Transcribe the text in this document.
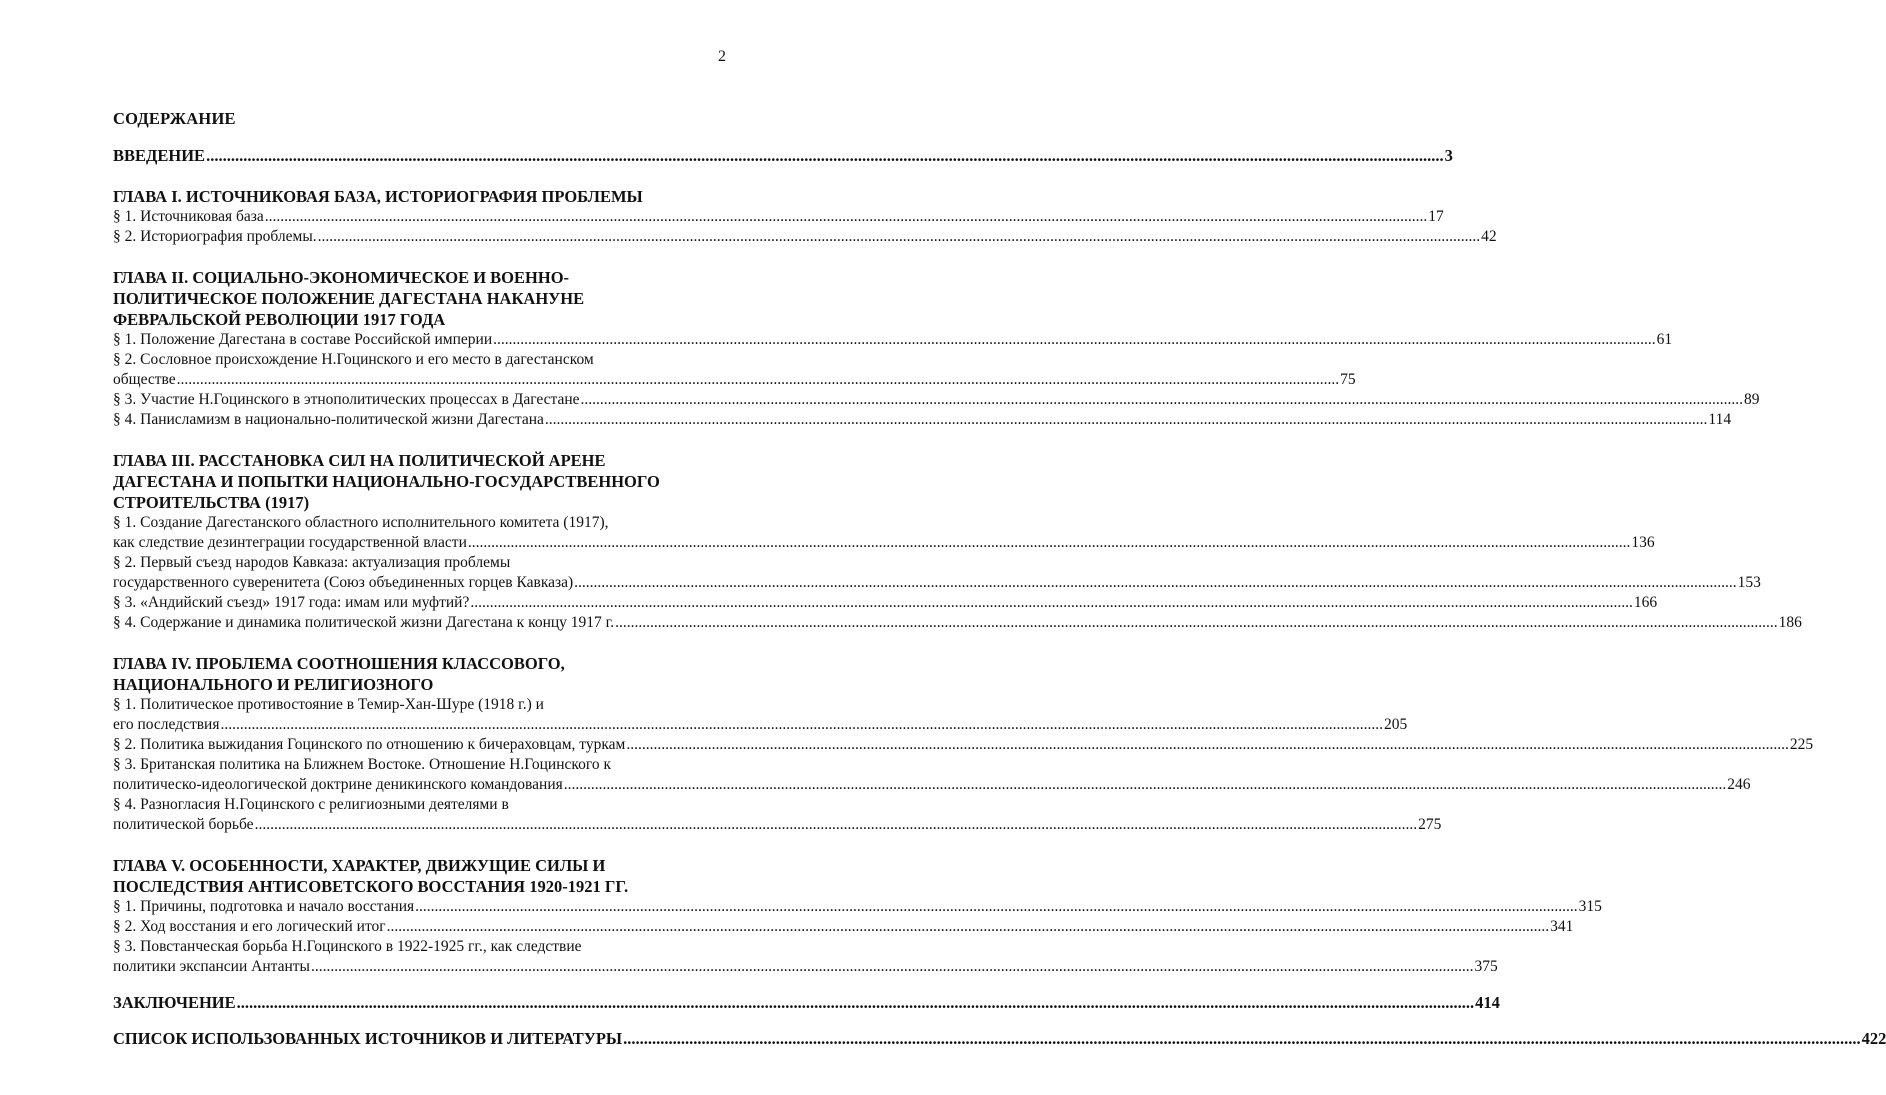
2
СОДЕРЖАНИЕ
ВВЕДЕНИЕ ............................................................................................................................................................................................................................................................................................................ 3
ГЛАВА I. ИСТОЧНИКОВАЯ БАЗА, ИСТОРИОГРАФИЯ ПРОБЛЕМЫ
§ 1. Источниковая база ............................................................................................................................................................................................................................................................................................................ 17
§ 2. Историография проблемы. ............................................................................................................................................................................................................................................................................................................ 42
ГЛАВА II. СОЦИАЛЬНО-ЭКОНОМИЧЕСКОЕ И ВОЕННО-
ПОЛИТИЧЕСКОЕ ПОЛОЖЕНИЕ ДАГЕСТАНА НАКАНУНЕ
ФЕВРАЛЬСКОЙ РЕВОЛЮЦИИ 1917 ГОДА
§ 1. Положение Дагестана в составе Российской империи ............................................................................................................................................................................................................................................................................................................ 61
§ 2. Сословное происхождение Н.Гоцинского и его место в дагестанском
обществе ............................................................................................................................................................................................................................................................................................................ 75
§ 3. Участие Н.Гоцинского в этнополитических процессах в Дагестане ............................................................................................................................................................................................................................................................................................................ 89
§ 4. Панисламизм в национально-политической жизни Дагестана ............................................................................................................................................................................................................................................................................................................ 114
ГЛАВА III. РАССТАНОВКА СИЛ НА ПОЛИТИЧЕСКОЙ АРЕНЕ
ДАГЕСТАНА И ПОПЫТКИ НАЦИОНАЛЬНО-ГОСУДАРСТВЕННОГО
СТРОИТЕЛЬСТВА (1917)
§ 1. Создание Дагестанского областного исполнительного комитета (1917),
как следствие дезинтеграции государственной власти ............................................................................................................................................................................................................................................................................................................ 136
§ 2. Первый съезд народов Кавказа: актуализация проблемы
государственного суверенитета (Союз объединенных горцев Кавказа) ............................................................................................................................................................................................................................................................................................................ 153
§ 3. «Андийский съезд» 1917 года: имам или муфтий? ............................................................................................................................................................................................................................................................................................................ 166
§ 4. Содержание и динамика политической жизни Дагестана к концу 1917 г. ............................................................................................................................................................................................................................................................................................................ 186
ГЛАВА IV. ПРОБЛЕМА СООТНОШЕНИЯ КЛАССОВОГО,
НАЦИОНАЛЬНОГО И РЕЛИГИОЗНОГО
§ 1. Политическое противостояние в Темир-Хан-Шуре (1918 г.) и
его последствия ............................................................................................................................................................................................................................................................................................................ 205
§ 2. Политика выжидания Гоцинского по отношению к бичераховцам, туркам ............................................................................................................................................................................................................................................................................................................ 225
§ 3. Британская политика на Ближнем Востоке. Отношение Н.Гоцинского к
политическо-идеологической доктрине деникинского командования ............................................................................................................................................................................................................................................................................................................ 246
§ 4. Разногласия Н.Гоцинского с религиозными деятелями в
политической борьбе ............................................................................................................................................................................................................................................................................................................ 275
ГЛАВА V. ОСОБЕННОСТИ, ХАРАКТЕР, ДВИЖУЩИЕ СИЛЫ И
ПОСЛЕДСТВИЯ АНТИСОВЕТСКОГО ВОССТАНИЯ 1920-1921 ГГ.
§ 1. Причины, подготовка и начало восстания ............................................................................................................................................................................................................................................................................................................ 315
§ 2. Ход восстания и его логический итог ............................................................................................................................................................................................................................................................................................................ 341
§ 3. Повстанческая борьба Н.Гоцинского в 1922-1925 гг., как следствие
политики экспансии Антанты ............................................................................................................................................................................................................................................................................................................ 375
ЗАКЛЮЧЕНИЕ ............................................................................................................................................................................................................................................................................................................ 414
СПИСОК ИСПОЛЬЗОВАННЫХ ИСТОЧНИКОВ И ЛИТЕРАТУРЫ ............................................................................................................................................................................................................................................................................................................ 422
